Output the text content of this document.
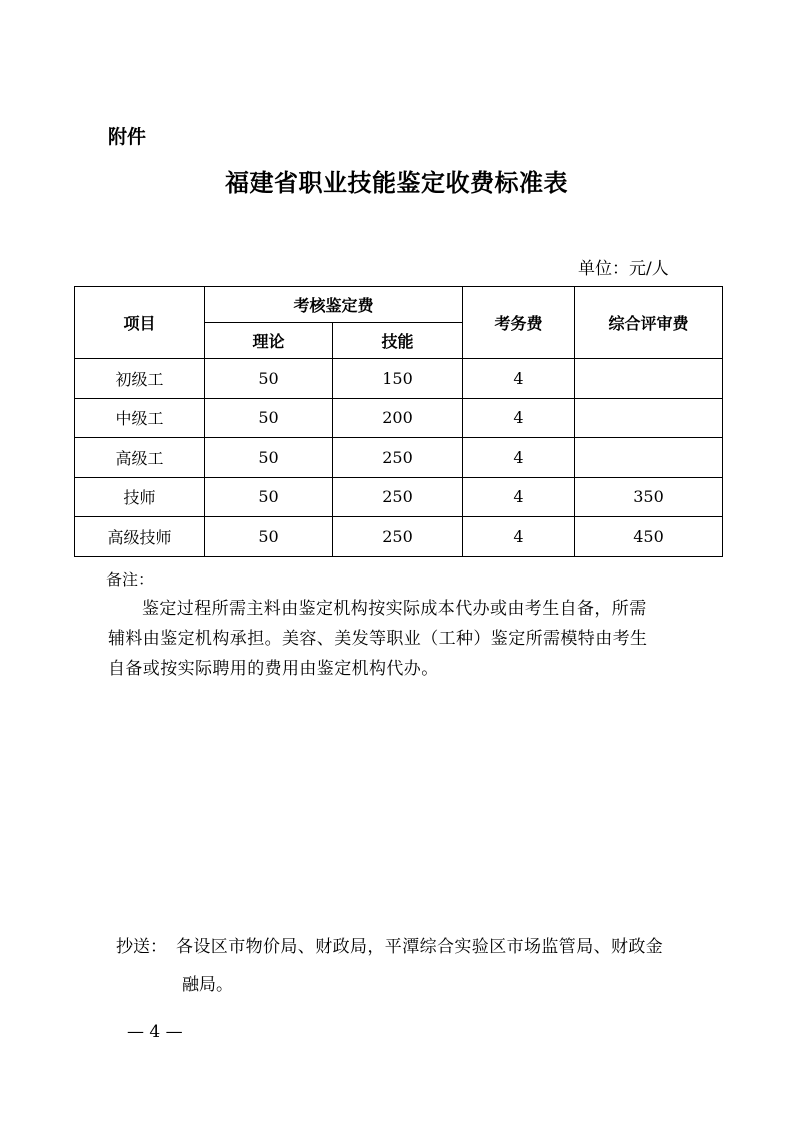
附件
福建省职业技能鉴定收费标准表
单位：元/人
项目	考核鉴定费		考务费	综合评审费
	理论	技能		
初级工	50	150	4	
中级工	50	200	4	
高级工	50	250	4	
技师	50	250	4	350
高级技师	50	250	4	450
备注：
鉴定过程所需主料由鉴定机构按实际成本代办或由考生自备，所需
辅料由鉴定机构承担。美容、美发等职业（工种）鉴定所需模特由考生
自备或按实际聘用的费用由鉴定机构代办。
抄送： 各设区市物价局、财政局，平潭综合实验区市场监管局、财政金
融局。
— 4 —
